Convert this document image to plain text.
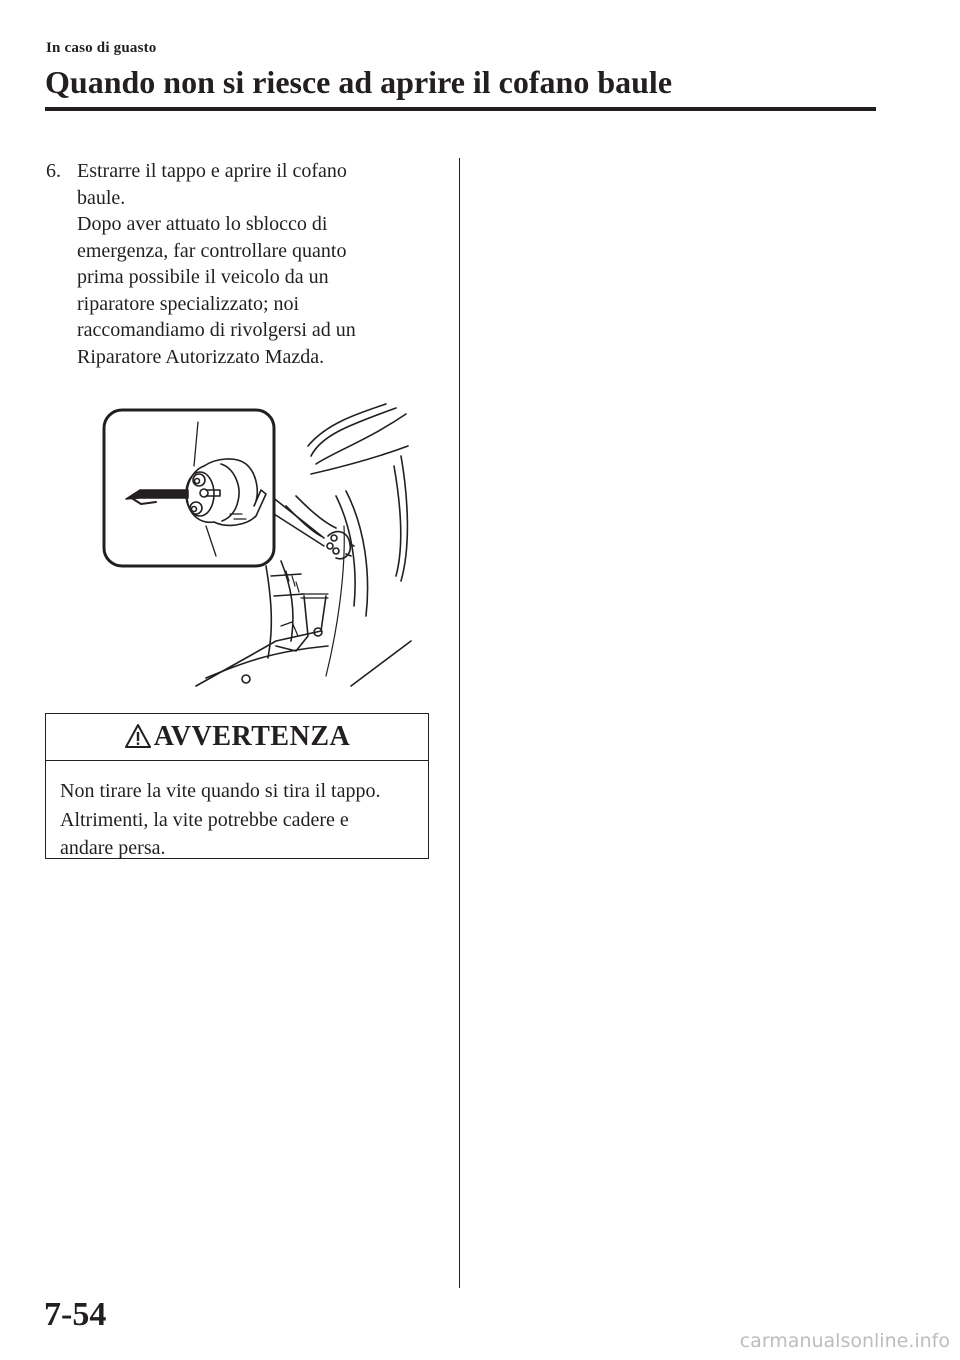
In caso di guasto
Quando non si riesce ad aprire il cofano baule
6. Estrarre il tappo e aprire il cofano
baule.
Dopo aver attuato lo sblocco di
emergenza, far controllare quanto
prima possibile il veicolo da un
riparatore specializzato; noi
raccomandiamo di rivolgersi ad un
Riparatore Autorizzato Mazda.
AVVERTENZA
Non tirare la vite quando si tira il tappo.
Altrimenti, la vite potrebbe cadere e
andare persa.
7-54
carmanualsonline.info
